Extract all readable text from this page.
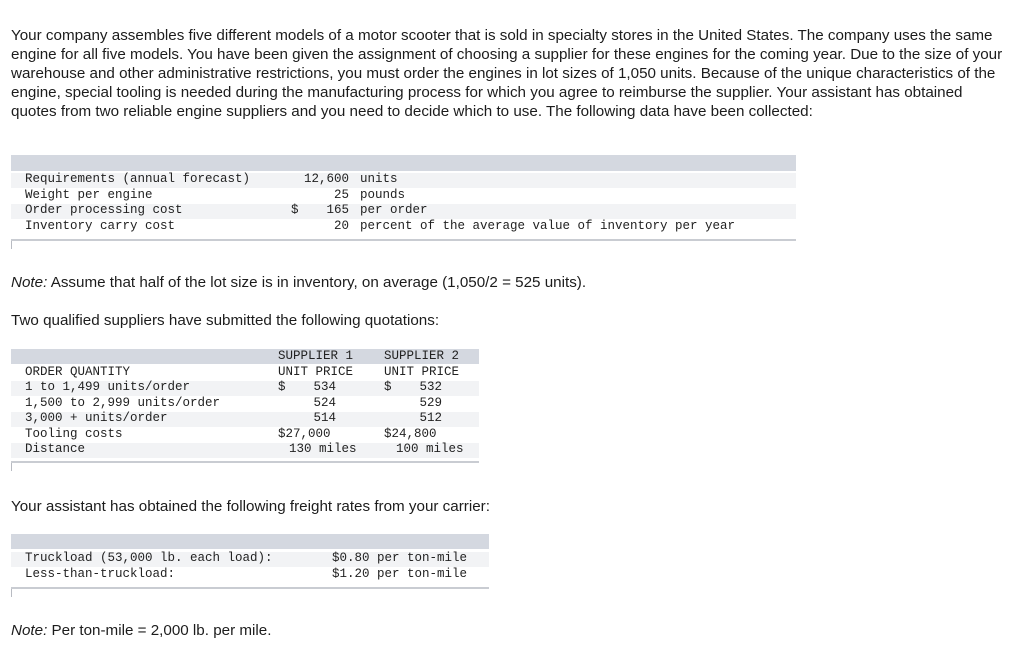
Your company assembles five different models of a motor scooter that is sold in specialty stores in the United States. The company uses the same engine for all five models. You have been given the assignment of choosing a supplier for these engines for the coming year. Due to the size of your warehouse and other administrative restrictions, you must order the engines in lot sizes of 1,050 units. Because of the unique characteristics of the engine, special tooling is needed during the manufacturing process for which you agree to reimburse the supplier. Your assistant has obtained quotes from two reliable engine suppliers and you need to decide which to use. The following data have been collected:

Requirements (annual forecast)	12,600 units
Weight per engine	25 pounds
Order processing cost	$	165 per order
Inventory carry cost	20 percent of the average value of inventory per year

Note: Assume that half of the lot size is in inventory, on average (1,050/2 = 525 units).

Two qualified suppliers have submitted the following quotations:

SUPPLIER 1 SUPPLIER 2
ORDER QUANTITY	UNIT PRICE UNIT PRICE
1 to 1,499 units/order	$	534	$	532
1,500 to 2,999 units/order	524	529
3,000 + units/order	514	512
Tooling costs	$27,000	$24,800
Distance	130 miles	100 miles

Your assistant has obtained the following freight rates from your carrier:

Truckload (53,000 lb. each load):	$0.80 per ton-mile
Less-than-truckload:	$1.20 per ton-mile

Note: Per ton-mile = 2,000 lb. per mile.
